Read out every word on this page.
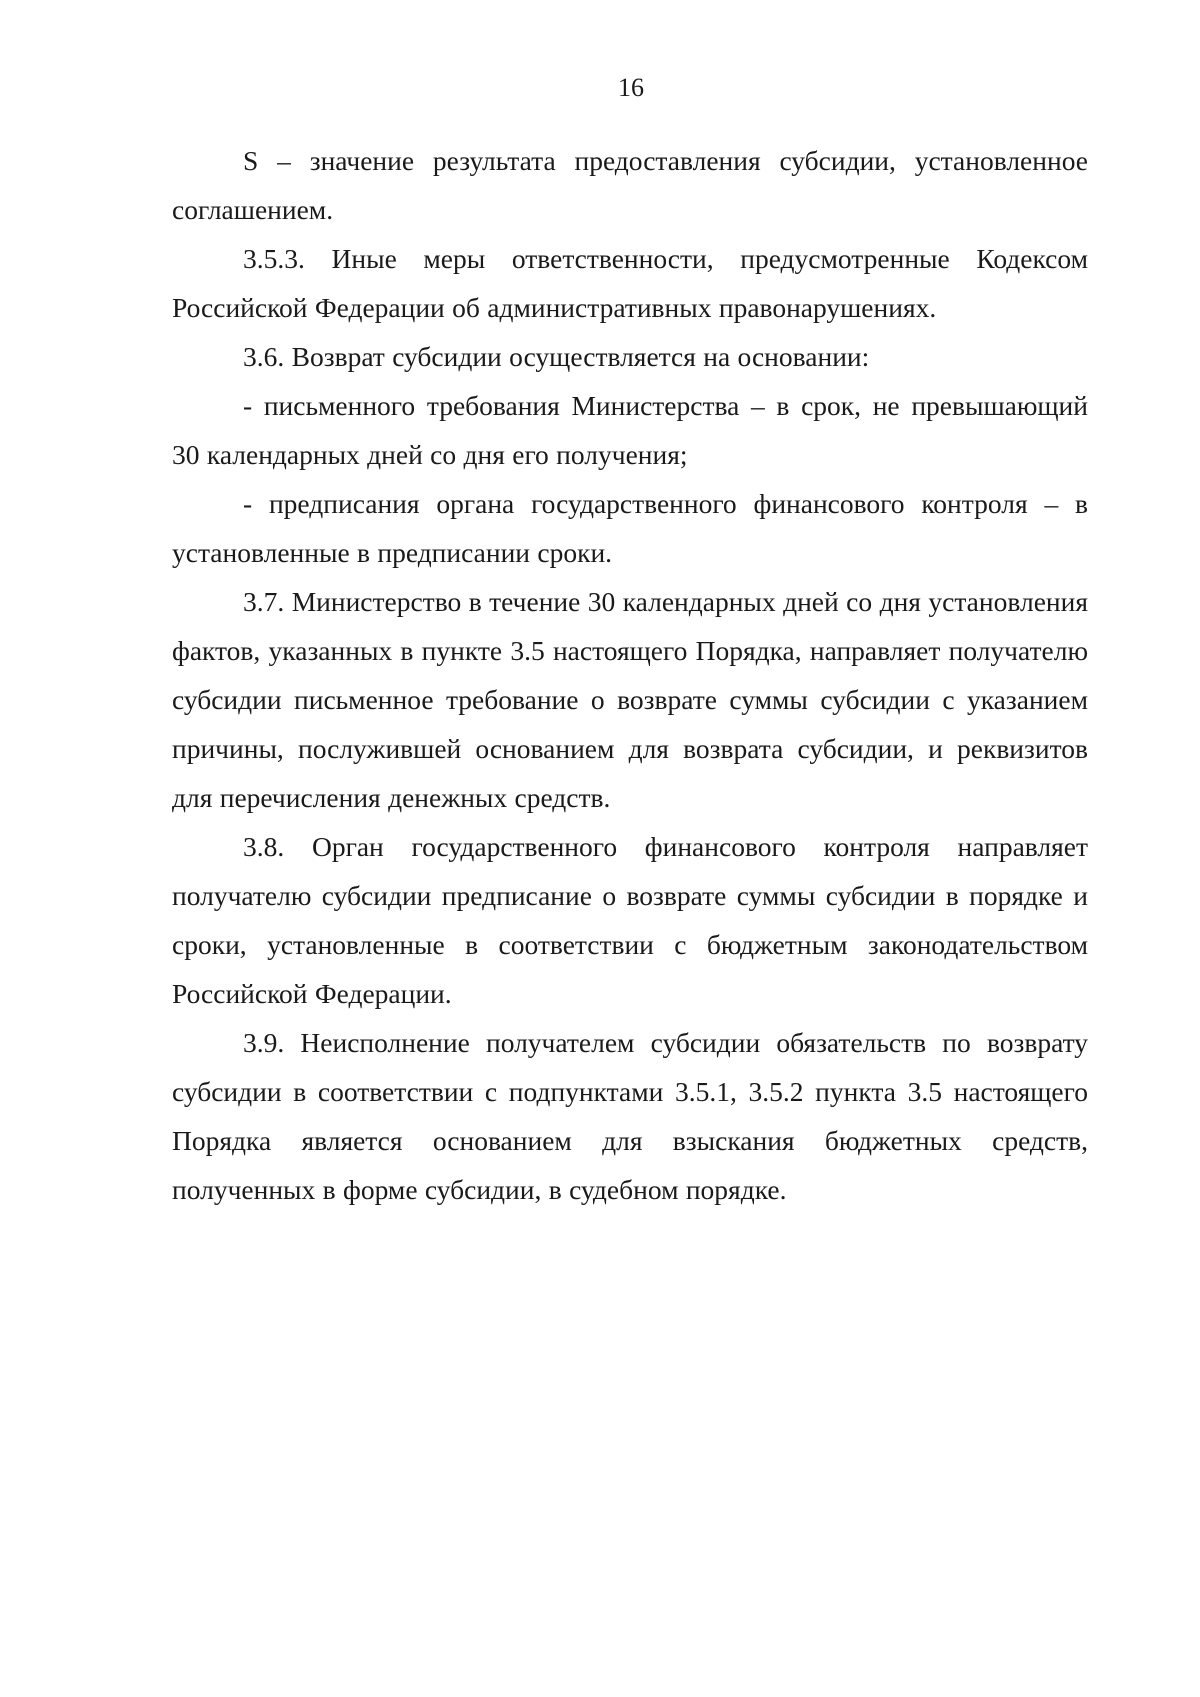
16

S – значение результата предоставления субсидии, установленное соглашением.

3.5.3. Иные меры ответственности, предусмотренные Кодексом Российской Федерации об административных правонарушениях.

3.6. Возврат субсидии осуществляется на основании:

- письменного требования Министерства – в срок, не превышающий 30 календарных дней со дня его получения;

- предписания органа государственного финансового контроля – в установленные в предписании сроки.

3.7. Министерство в течение 30 календарных дней со дня установления фактов, указанных в пункте 3.5 настоящего Порядка, направляет получателю субсидии письменное требование о возврате суммы субсидии с указанием причины, послужившей основанием для возврата субсидии, и реквизитов для перечисления денежных средств.

3.8. Орган государственного финансового контроля направляет получателю субсидии предписание о возврате суммы субсидии в порядке и сроки, установленные в соответствии с бюджетным законодательством Российской Федерации.

3.9. Неисполнение получателем субсидии обязательств по возврату субсидии в соответствии с подпунктами 3.5.1, 3.5.2 пункта 3.5 настоящего Порядка является основанием для взыскания бюджетных средств, полученных в форме субсидии, в судебном порядке.
